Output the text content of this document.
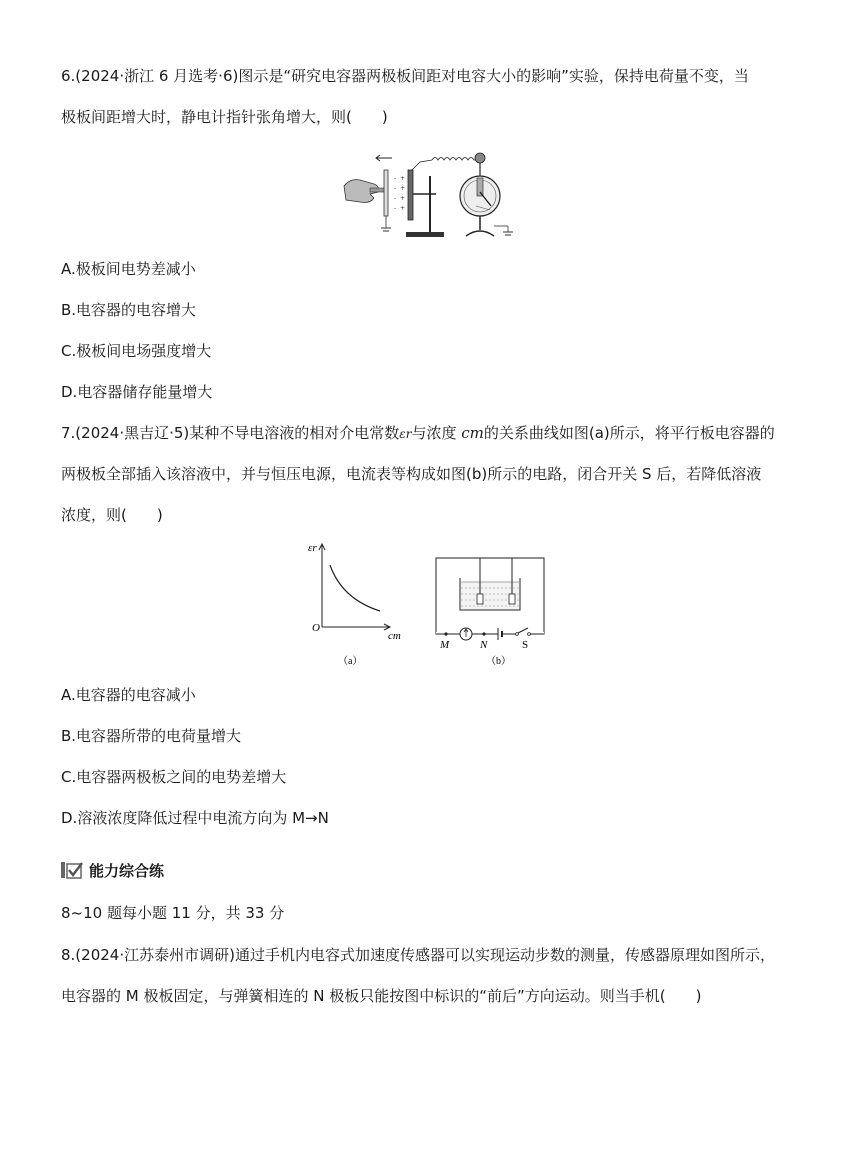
6.(2024·浙江 6 月选考·6)图示是“研究电容器两极板间距对电容大小的影响”实验，保持电荷量不变，当
极板间距增大时，静电计指针张角增大，则( )
-
-
-
-
+
+
+
+
A.极板间电势差减小
B.电容器的电容增大
C.极板间电场强度增大
D.电容器储存能量增大
7.(2024·黑吉辽·5)某种不导电溶液的相对介电常数εr与浓度 cm的关系曲线如图(a)所示，将平行板电容器的
两极板全部插入该溶液中，并与恒压电源，电流表等构成如图(b)所示的电路，闭合开关 S 后，若降低溶液
浓度，则( )
εr
cm
O
（a）
M	N	S
（b）
A.电容器的电容减小
B.电容器所带的电荷量增大
C.电容器两极板之间的电势差增大
D.溶液浓度降低过程中电流方向为 M→N
能力综合练
8~10 题每小题 11 分，共 33 分
8.(2024·江苏泰州市调研)通过手机内电容式加速度传感器可以实现运动步数的测量，传感器原理如图所示，
电容器的 M 极板固定，与弹簧相连的 N 极板只能按图中标识的“前后”方向运动。则当手机( )
